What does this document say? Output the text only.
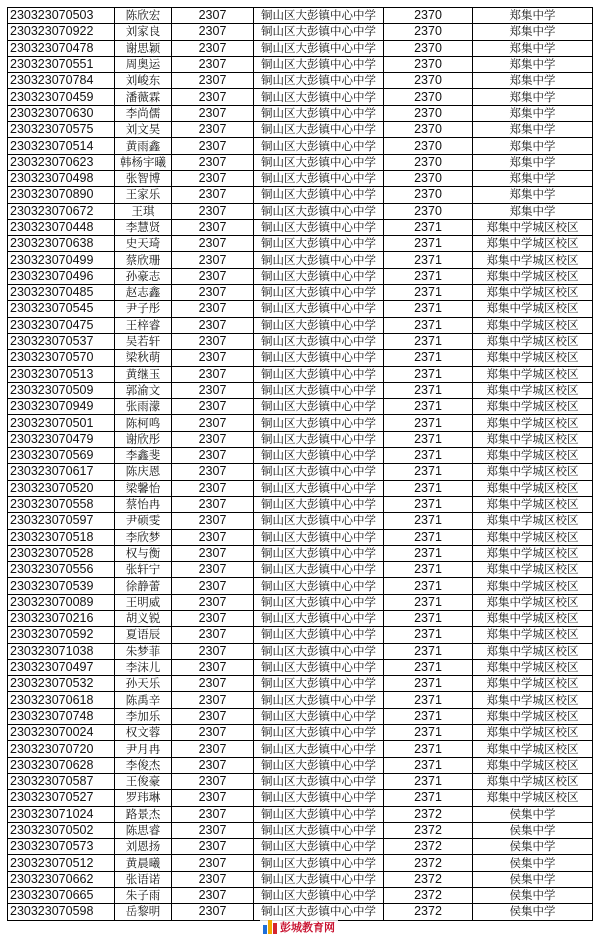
230323070503	陈欣宏	2307	铜山区大彭镇中心中学	2370	郑集中学
230323070922	刘家良	2307	铜山区大彭镇中心中学	2370	郑集中学
230323070478	谢思颖	2307	铜山区大彭镇中心中学	2370	郑集中学
230323070551	周奥运	2307	铜山区大彭镇中心中学	2370	郑集中学
230323070784	刘峻东	2307	铜山区大彭镇中心中学	2370	郑集中学
230323070459	潘薇霖	2307	铜山区大彭镇中心中学	2370	郑集中学
230323070630	李尚儒	2307	铜山区大彭镇中心中学	2370	郑集中学
230323070575	刘文昊	2307	铜山区大彭镇中心中学	2370	郑集中学
230323070514	黄雨鑫	2307	铜山区大彭镇中心中学	2370	郑集中学
230323070623	韩杨宇曦	2307	铜山区大彭镇中心中学	2370	郑集中学
230323070498	张智博	2307	铜山区大彭镇中心中学	2370	郑集中学
230323070890	王家乐	2307	铜山区大彭镇中心中学	2370	郑集中学
230323070672	王琪	2307	铜山区大彭镇中心中学	2370	郑集中学
230323070448	李慧贤	2307	铜山区大彭镇中心中学	2371	郑集中学城区校区
230323070638	史天琦	2307	铜山区大彭镇中心中学	2371	郑集中学城区校区
230323070499	蔡欣珊	2307	铜山区大彭镇中心中学	2371	郑集中学城区校区
230323070496	孙豪志	2307	铜山区大彭镇中心中学	2371	郑集中学城区校区
230323070485	赵志鑫	2307	铜山区大彭镇中心中学	2371	郑集中学城区校区
230323070545	尹子彤	2307	铜山区大彭镇中心中学	2371	郑集中学城区校区
230323070475	王梓睿	2307	铜山区大彭镇中心中学	2371	郑集中学城区校区
230323070537	吴若轩	2307	铜山区大彭镇中心中学	2371	郑集中学城区校区
230323070570	梁秋萌	2307	铜山区大彭镇中心中学	2371	郑集中学城区校区
230323070513	黄继玉	2307	铜山区大彭镇中心中学	2371	郑集中学城区校区
230323070509	郭渝文	2307	铜山区大彭镇中心中学	2371	郑集中学城区校区
230323070949	张雨濛	2307	铜山区大彭镇中心中学	2371	郑集中学城区校区
230323070501	陈柯鸣	2307	铜山区大彭镇中心中学	2371	郑集中学城区校区
230323070479	谢欣彤	2307	铜山区大彭镇中心中学	2371	郑集中学城区校区
230323070569	李鑫斐	2307	铜山区大彭镇中心中学	2371	郑集中学城区校区
230323070617	陈庆恩	2307	铜山区大彭镇中心中学	2371	郑集中学城区校区
230323070520	梁馨怡	2307	铜山区大彭镇中心中学	2371	郑集中学城区校区
230323070558	蔡怡冉	2307	铜山区大彭镇中心中学	2371	郑集中学城区校区
230323070597	尹硕雯	2307	铜山区大彭镇中心中学	2371	郑集中学城区校区
230323070518	李欣梦	2307	铜山区大彭镇中心中学	2371	郑集中学城区校区
230323070528	权与衡	2307	铜山区大彭镇中心中学	2371	郑集中学城区校区
230323070556	张轩宁	2307	铜山区大彭镇中心中学	2371	郑集中学城区校区
230323070539	徐静蕾	2307	铜山区大彭镇中心中学	2371	郑集中学城区校区
230323070089	王明威	2307	铜山区大彭镇中心中学	2371	郑集中学城区校区
230323070216	胡义锐	2307	铜山区大彭镇中心中学	2371	郑集中学城区校区
230323070592	夏语辰	2307	铜山区大彭镇中心中学	2371	郑集中学城区校区
230323071038	朱梦菲	2307	铜山区大彭镇中心中学	2371	郑集中学城区校区
230323070497	李沫儿	2307	铜山区大彭镇中心中学	2371	郑集中学城区校区
230323070532	孙天乐	2307	铜山区大彭镇中心中学	2371	郑集中学城区校区
230323070618	陈禹辛	2307	铜山区大彭镇中心中学	2371	郑集中学城区校区
230323070748	李加乐	2307	铜山区大彭镇中心中学	2371	郑集中学城区校区
230323070024	权文蓉	2307	铜山区大彭镇中心中学	2371	郑集中学城区校区
230323070720	尹月冉	2307	铜山区大彭镇中心中学	2371	郑集中学城区校区
230323070628	李俊杰	2307	铜山区大彭镇中心中学	2371	郑集中学城区校区
230323070587	王俊豪	2307	铜山区大彭镇中心中学	2371	郑集中学城区校区
230323070527	罗玮琳	2307	铜山区大彭镇中心中学	2371	郑集中学城区校区
230323071024	路景杰	2307	铜山区大彭镇中心中学	2372	侯集中学
230323070502	陈思睿	2307	铜山区大彭镇中心中学	2372	侯集中学
230323070573	刘恩扬	2307	铜山区大彭镇中心中学	2372	侯集中学
230323070512	黄晨曦	2307	铜山区大彭镇中心中学	2372	侯集中学
230323070662	张语诺	2307	铜山区大彭镇中心中学	2372	侯集中学
230323070665	朱子雨	2307	铜山区大彭镇中心中学	2372	侯集中学
230323070598	岳黎明	2307	铜山区大彭镇中心中学	2372	侯集中学
彭城教育网
